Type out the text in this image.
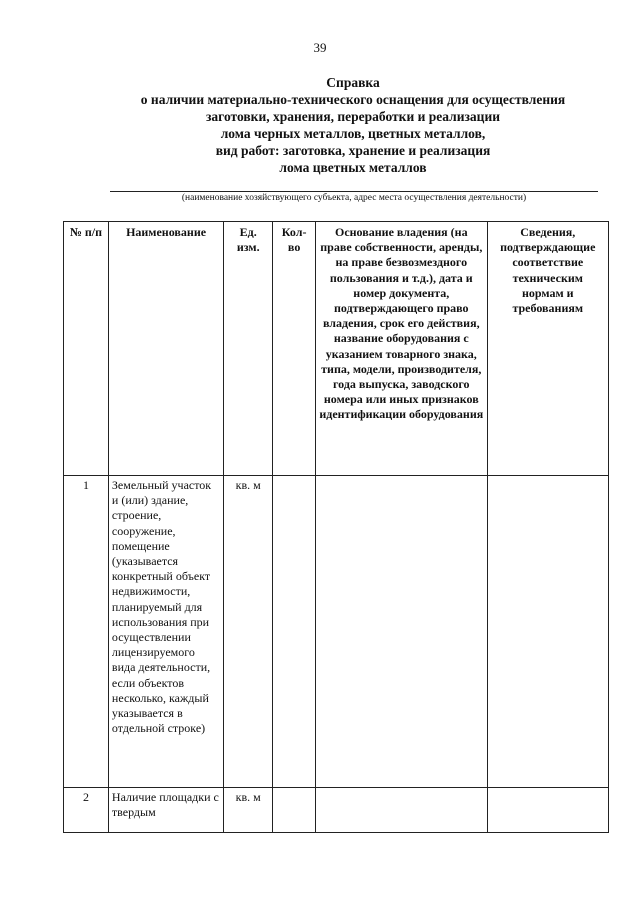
39
Справка
о наличии материально-технического оснащения для осуществления
заготовки, хранения, переработки и реализации
лома черных металлов, цветных металлов,
вид работ: заготовка, хранение и реализация
лома цветных металлов
(наименование хозяйствующего субъекта, адрес места осуществления деятельности)
№ п/п	Наименование	Ед. изм.	Кол-во	Основание владения (на праве собственности, аренды, на праве безвозмездного пользования и т.д.), дата и номер документа, подтверждающего право владения, срок его действия, название оборудования с указанием товарного знака, типа, модели, производителя, года выпуска, заводского номера или иных признаков идентификации оборудования	Сведения, подтверждающие соответствие техническим нормам и требованиям
1	Земельный участок и (или) здание, строение, сооружение, помещение (указывается конкретный объект недвижимости, планируемый для использования при осуществлении лицензируемого вида деятельности, если объектов несколько, каждый указывается в отдельной строке)	кв. м			
2	Наличие площадки с твердым	кв. м			
